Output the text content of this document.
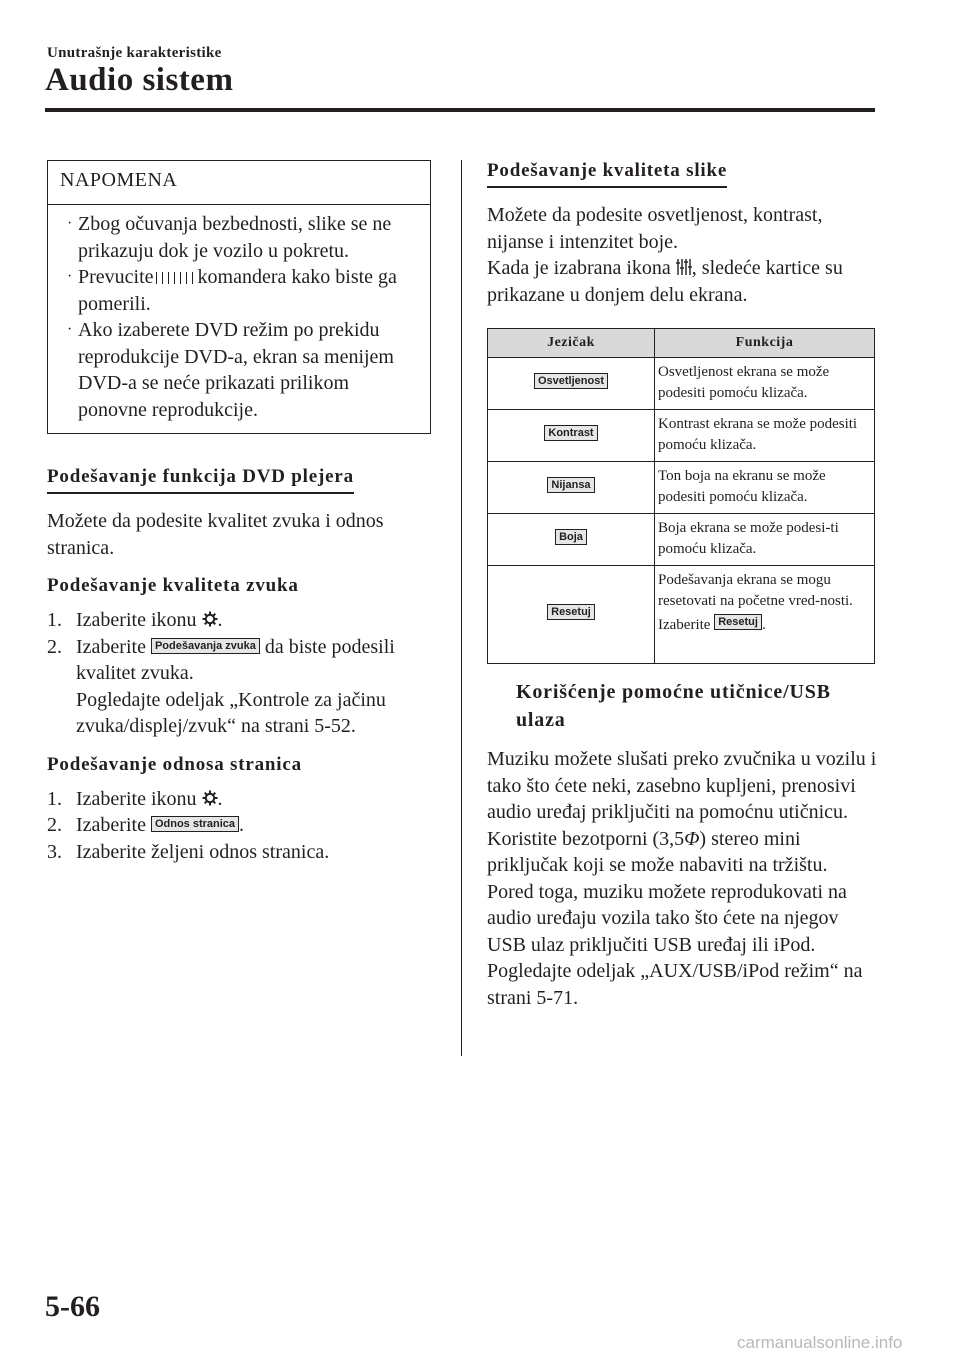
Unutrašnje karakteristike
Audio sistem
NAPOMENA
· Zbog očuvanja bezbednosti, slike se ne prikazuju dok je vozilo u pokretu.
· Prevucite komandera kako biste ga pomerili.
· Ako izaberete DVD režim po prekidu reprodukcije DVD-a, ekran sa menijem DVD-a se neće prikazati prilikom ponovne reprodukcije.
Podešavanje funkcija DVD plejera

Možete da podesite kvalitet zvuka i odnos stranica.

Podešavanje kvaliteta zvuka
1. Izaberite ikonu .
2. Izaberite Podešavanja zvuka da biste podesili kvalitet zvuka.
Pogledajte odeljak „Kontrole za jačinu zvuka/displej/zvuk“ na strani 5-52.
Podešavanje odnosa stranica
1. Izaberite ikonu .
2. Izaberite Odnos stranica .
3. Izaberite željeni odnos stranica.
Podešavanje kvaliteta slike

Možete da podesite osvetljenost, kontrast, nijanse i intenzitet boje.

Kada je izabrana ikona , sledeće kartice su prikazane u donjem delu ekrana.

Jezičak	Funkcija
Osvetljenost	Osvetljenost ekrana se može podesiti pomoću klizača.
Kontrast	Kontrast ekrana se može podesiti pomoću klizača.
Nijansa	Ton boja na ekranu se može podesiti pomoću klizača.
Boja	Boja ekrana se može podesi-ti pomoću klizača.
Resetuj	Podešavanja ekrana se mogu resetovati na početne vred-nosti.
Izaberite Resetuj .
Korišćenje pomoćne utičnice/USB ulaza

Muziku možete slušati preko zvučnika u vozilu i tako što ćete neki, zasebno kupljeni, prenosivi audio uređaj priključiti na pomoćnu utičnicu.

Koristite bezotporni (3,5Φ) stereo mini priključak koji se može nabaviti na tržištu.

Pored toga, muziku možete reprodukovati na audio uređaju vozila tako što ćete na njegov USB ulaz priključiti USB uređaj ili iPod.

Pogledajte odeljak „AUX/USB/iPod režim“ na strani 5-71.

5-66
carmanualsonline.info
